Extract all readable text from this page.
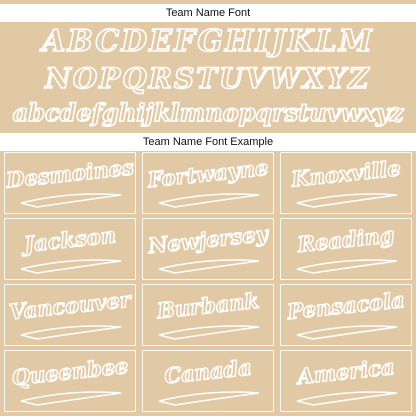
Team Name Font
ABCDEFGHIJKLM
NOPQRSTUVWXYZ
abcdefghijklmnopqrstuvwxyz
Team Name Font Example
Desmoines Fortwayne Knoxville
Jackson	Newjersey	Reading
Vancouver	Burbank	Pensacola
Queenbee	Canada	America
